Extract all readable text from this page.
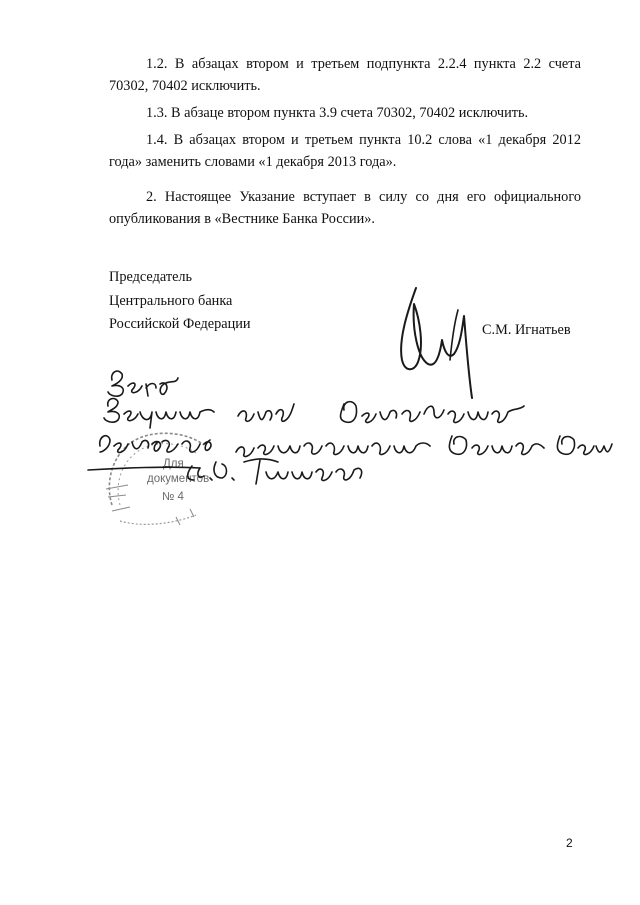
1.2. В абзацах втором и третьем подпункта 2.2.4 пункта 2.2 счета 70302, 70402 исключить.

1.3. В абзаце втором пункта 3.9 счета 70302, 70402 исключить.

1.4. В абзацах втором и третьем пункта 10.2 слова «1 декабря 2012 года» заменить словами «1 декабря 2013 года».

2. Настоящее Указание вступает в силу со дня его официального опубликования в «Вестнике Банка России».

Председатель
Центрального банка
Российской Федерации	С.М. Игнатьев

Для
документов
№ 4
2
